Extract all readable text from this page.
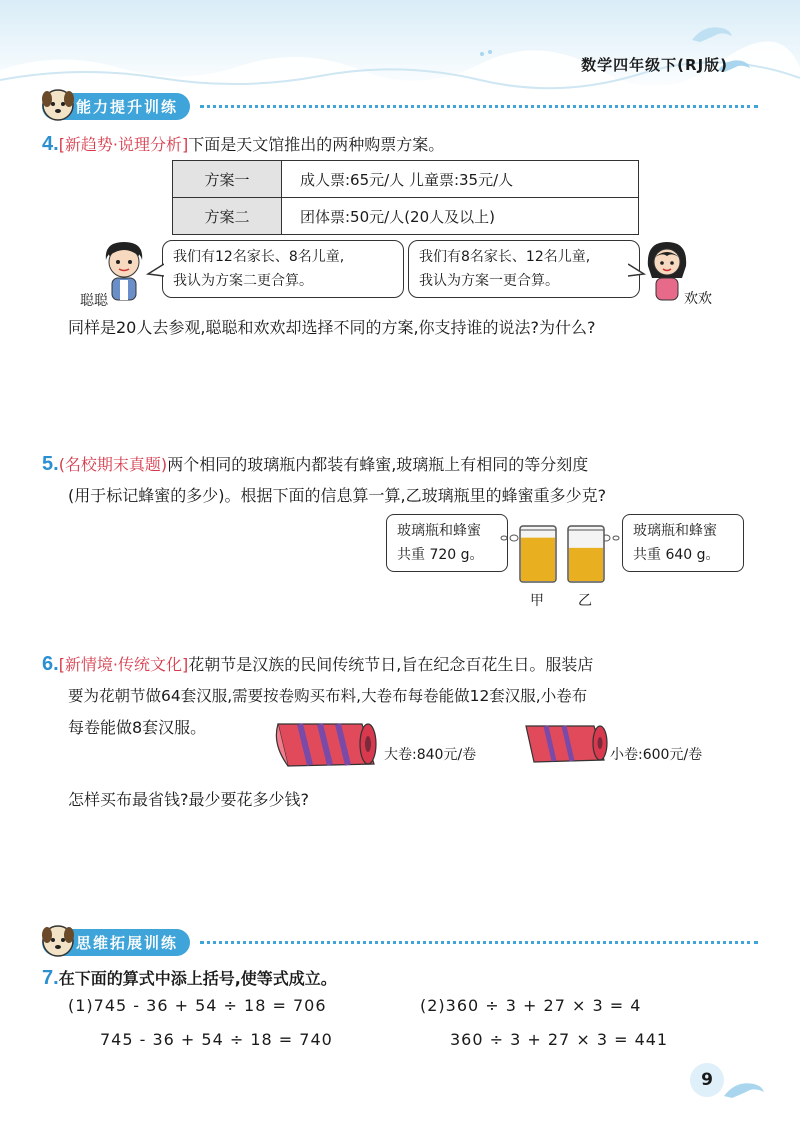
数学四年级下(RJ版)
能力提升训练
4.[新趋势·说理分析]下面是天文馆推出的两种购票方案。
方案一	成人票:65元/人 儿童票:35元/人
方案二	团体票:50元/人(20人及以上)
聪聪
我们有12名家长、8名儿童,
我认为方案二更合算。
我们有8名家长、12名儿童,
我认为方案一更合算。
欢欢
同样是20人去参观,聪聪和欢欢却选择不同的方案,你支持谁的说法?为什么?
5.(名校期末真题)两个相同的玻璃瓶内都装有蜂蜜,玻璃瓶上有相同的等分刻度
(用于标记蜂蜜的多少)。根据下面的信息算一算,乙玻璃瓶里的蜂蜜重多少克?
玻璃瓶和蜂蜜
共重 720 g。
玻璃瓶和蜂蜜
共重 640 g。
甲 乙
6.[新情境·传统文化]花朝节是汉族的民间传统节日,旨在纪念百花生日。服装店
要为花朝节做64套汉服,需要按卷购买布料,大卷布每卷能做12套汉服,小卷布
每卷能做8套汉服。
大卷:840元/卷	小卷:600元/卷
怎样买布最省钱?最少要花多少钱?
思维拓展训练
7.在下面的算式中添上括号,使等式成立。
(1)745 - 36 + 54 ÷ 18 = 706
745 - 36 + 54 ÷ 18 = 740
(2)360 ÷ 3 + 27 × 3 = 4
360 ÷ 3 + 27 × 3 = 441
9
